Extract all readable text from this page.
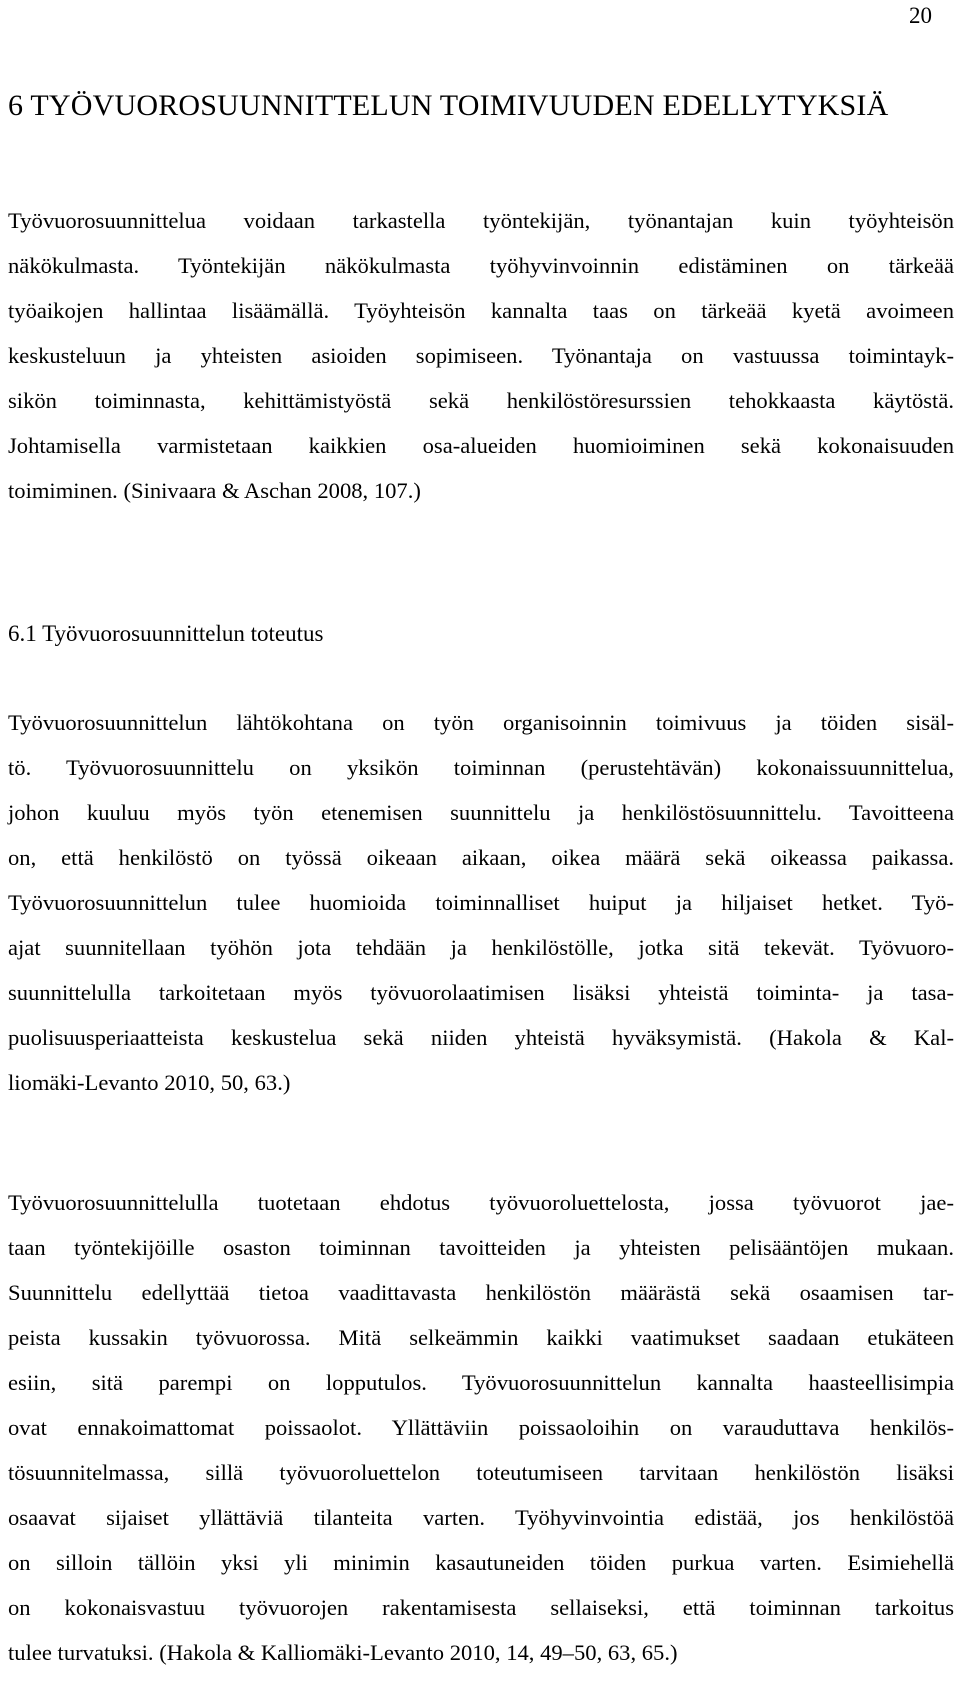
20
6 TYÖVUOROSUUNNITTELUN TOIMIVUUDEN EDELLYTYKSIÄ
Työvuorosuunnittelua voidaan tarkastella työntekijän, työnantajan kuin työyhteisön
näkökulmasta. Työntekijän näkökulmasta työhyvinvoinnin edistäminen on tärkeää
työaikojen hallintaa lisäämällä. Työyhteisön kannalta taas on tärkeää kyetä avoimeen
keskusteluun ja yhteisten asioiden sopimiseen. Työnantaja on vastuussa toimintayk-
sikön toiminnasta, kehittämistyöstä sekä henkilöstöresurssien tehokkaasta käytöstä.
Johtamisella varmistetaan kaikkien osa-alueiden huomioiminen sekä kokonaisuuden
toimiminen. (Sinivaara & Aschan 2008, 107.)
6.1 Työvuorosuunnittelun toteutus
Työvuorosuunnittelun lähtökohtana on työn organisoinnin toimivuus ja töiden sisäl-
tö. Työvuorosuunnittelu on yksikön toiminnan (perustehtävän) kokonaissuunnittelua,
johon kuuluu myös työn etenemisen suunnittelu ja henkilöstösuunnittelu. Tavoitteena
on, että henkilöstö on työssä oikeaan aikaan, oikea määrä sekä oikeassa paikassa.
Työvuorosuunnittelun tulee huomioida toiminnalliset huiput ja hiljaiset hetket. Työ-
ajat suunnitellaan työhön jota tehdään ja henkilöstölle, jotka sitä tekevät. Työvuoro-
suunnittelulla tarkoitetaan myös työvuorolaatimisen lisäksi yhteistä toiminta- ja tasa-
puolisuusperiaatteista keskustelua sekä niiden yhteistä hyväksymistä. (Hakola & Kal-
liomäki-Levanto 2010, 50, 63.)
Työvuorosuunnittelulla tuotetaan ehdotus työvuoroluettelosta, jossa työvuorot jae-
taan työntekijöille osaston toiminnan tavoitteiden ja yhteisten pelisääntöjen mukaan.
Suunnittelu edellyttää tietoa vaadittavasta henkilöstön määrästä sekä osaamisen tar-
peista kussakin työvuorossa. Mitä selkeämmin kaikki vaatimukset saadaan etukäteen
esiin, sitä parempi on lopputulos. Työvuorosuunnittelun kannalta haasteellisimpia
ovat ennakoimattomat poissaolot. Yllättäviin poissaoloihin on varauduttava henkilös-
tösuunnitelmassa, sillä työvuoroluettelon toteutumiseen tarvitaan henkilöstön lisäksi
osaavat sijaiset yllättäviä tilanteita varten. Työhyvinvointia edistää, jos henkilöstöä
on silloin tällöin yksi yli minimin kasautuneiden töiden purkua varten. Esimiehellä
on kokonaisvastuu työvuorojen rakentamisesta sellaiseksi, että toiminnan tarkoitus
tulee turvatuksi. (Hakola & Kalliomäki-Levanto 2010, 14, 49–50, 63, 65.)
